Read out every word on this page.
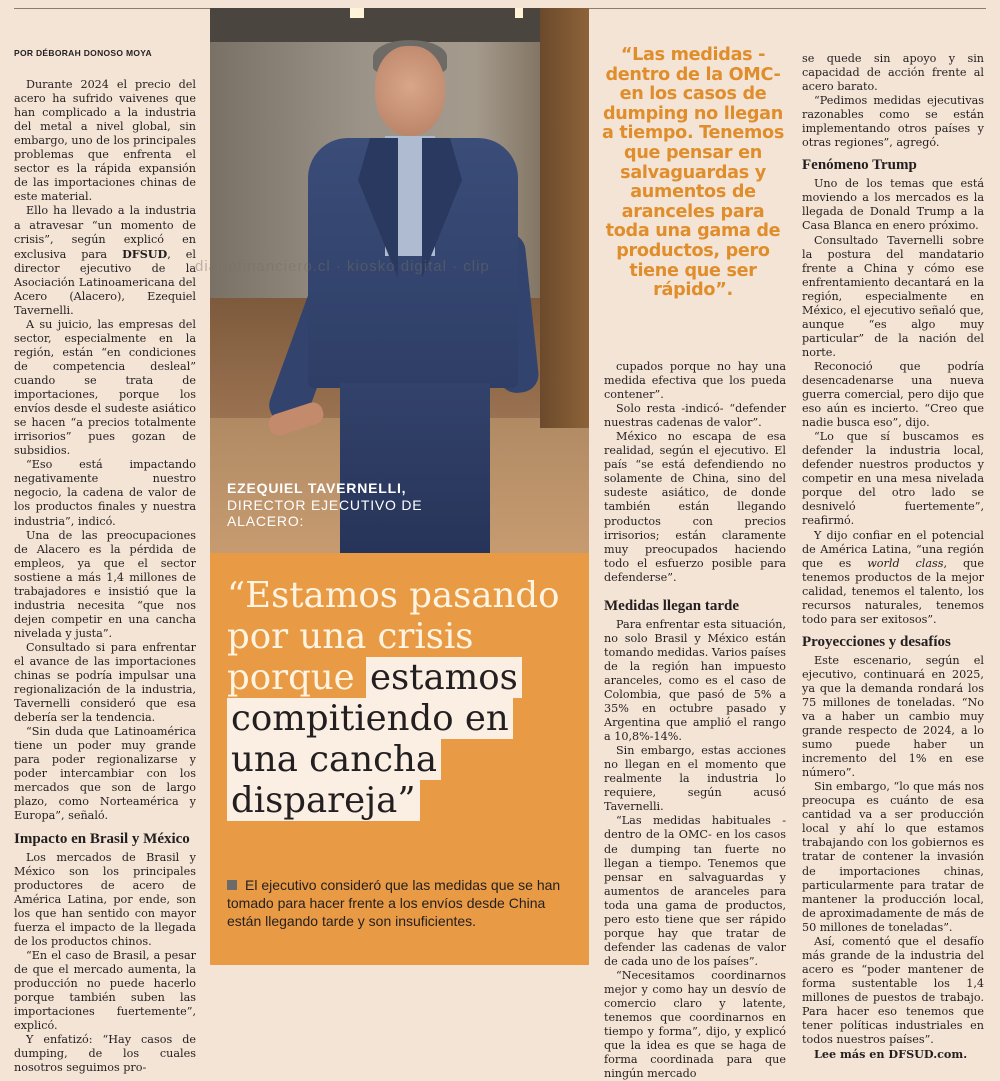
POR DÉBORAH DONOSO MOYA

Durante 2024 el precio del acero ha sufrido vaivenes que han complicado a la industria del metal a nivel global, sin embargo, uno de los principales problemas que enfrenta el sector es la rápida expansión de las importaciones chinas de este material.

Ello ha llevado a la industria a atravesar “un momento de crisis”, según explicó en exclusiva para DFSUD, el director ejecutivo de la Asociación Latinoamericana del Acero (Alacero), Ezequiel Tavernelli.

A su juicio, las empresas del sector, especialmente en la región, están “en condiciones de competencia desleal” cuando se trata de importaciones, porque los envíos desde el sudeste asiático se hacen “a precios totalmente irrisorios” pues gozan de subsidios.

“Eso está impactando negativamente nuestro negocio, la cadena de valor de los productos finales y nuestra industria”, indicó.

Una de las preocupaciones de Alacero es la pérdida de empleos, ya que el sector sostiene a más 1,4 millones de trabajadores e insistió que la industria necesita “que nos dejen competir en una cancha nivelada y justa”.

Consultado si para enfrentar el avance de las importaciones chinas se podría impulsar una regionalización de la industria, Tavernelli consideró que esa debería ser la tendencia.

“Sin duda que Latinoamérica tiene un poder muy grande para poder regionalizarse y poder intercambiar con los mercados que son de largo plazo, como Norteamérica y Europa”, señaló.

Impacto en Brasil y México

Los mercados de Brasil y México son los principales productores de acero de América Latina, por ende, son los que han sentido con mayor fuerza el impacto de la llegada de los productos chinos.

“En el caso de Brasil, a pesar de que el mercado aumenta, la producción no puede hacerlo porque también suben las importaciones fuertemente”, explicó.

Y enfatizó: “Hay casos de dumping, de los cuales nosotros seguimos pro-

diariofinanciero.cl · kiosko digital · clip
EZEQUIEL TAVERNELLI,
DIRECTOR EJECUTIVO DE
ALACERO:
“Estamos pasando por una crisis porque estamos compitiendo en una cancha dispareja”
El ejecutivo consideró que las medidas que se han tomado para hacer frente a los envíos desde China están llegando tarde y son insuficientes.
“Las medidas -dentro de la OMC- en los casos de dumping no llegan a tiempo. Tenemos que pensar en salvaguardas y aumentos de aranceles para toda una gama de productos, pero tiene que ser rápido”.

cupados porque no hay una medida efectiva que los pueda contener”.

Solo resta -indicó- “defender nuestras cadenas de valor”.

México no escapa de esa realidad, según el ejecutivo. El país “se está defendiendo no solamente de China, sino del sudeste asiático, de donde también están llegando productos con precios irrisorios; están claramente muy preocupados haciendo todo el esfuerzo posible para defenderse”.

Medidas llegan tarde

Para enfrentar esta situación, no solo Brasil y México están tomando medidas. Varios países de la región han impuesto aranceles, como es el caso de Colombia, que pasó de 5% a 35% en octubre pasado y Argentina que amplió el rango a 10,8%-14%.

Sin embargo, estas acciones no llegan en el momento que realmente la industria lo requiere, según acusó Tavernelli.

“Las medidas habituales -dentro de la OMC- en los casos de dumping tan fuerte no llegan a tiempo. Tenemos que pensar en salvaguardas y aumentos de aranceles para toda una gama de productos, pero esto tiene que ser rápido porque hay que tratar de defender las cadenas de valor de cada uno de los países”.

“Necesitamos coordinarnos mejor y como hay un desvío de comercio claro y latente, tenemos que coordinarnos en tiempo y forma”, dijo, y explicó que la idea es que se haga de forma coordinada para que ningún mercado

se quede sin apoyo y sin capacidad de acción frente al acero barato.

“Pedimos medidas ejecutivas razonables como se están implementando otros países y otras regiones”, agregó.

Fenómeno Trump

Uno de los temas que está moviendo a los mercados es la llegada de Donald Trump a la Casa Blanca en enero próximo.

Consultado Tavernelli sobre la postura del mandatario frente a China y cómo ese enfrentamiento decantará en la región, especialmente en México, el ejecutivo señaló que, aunque “es algo muy particular” de la nación del norte.

Reconoció que podría desencadenarse una nueva guerra comercial, pero dijo que eso aún es incierto. “Creo que nadie busca eso”, dijo.

“Lo que sí buscamos es defender la industria local, defender nuestros productos y competir en una mesa nivelada porque del otro lado se desniveló fuertemente”, reafirmó.

Y dijo confiar en el potencial de América Latina, “una región que es world class, que tenemos productos de la mejor calidad, tenemos el talento, los recursos naturales, tenemos todo para ser exitosos”.

Proyecciones y desafíos

Este escenario, según el ejecutivo, continuará en 2025, ya que la demanda rondará los 75 millones de toneladas. “No va a haber un cambio muy grande respecto de 2024, a lo sumo puede haber un incremento del 1% en ese número”.

Sin embargo, “lo que más nos preocupa es cuánto de esa cantidad va a ser producción local y ahí lo que estamos trabajando con los gobiernos es tratar de contener la invasión de importaciones chinas, particularmente para tratar de mantener la producción local, de aproximadamente de más de 50 millones de toneladas”.

Así, comentó que el desafío más grande de la industria del acero es “poder mantener de forma sustentable los 1,4 millones de puestos de trabajo. Para hacer eso tenemos que tener políticas industriales en todos nuestros países”.

Lee más en DFSUD.com.
